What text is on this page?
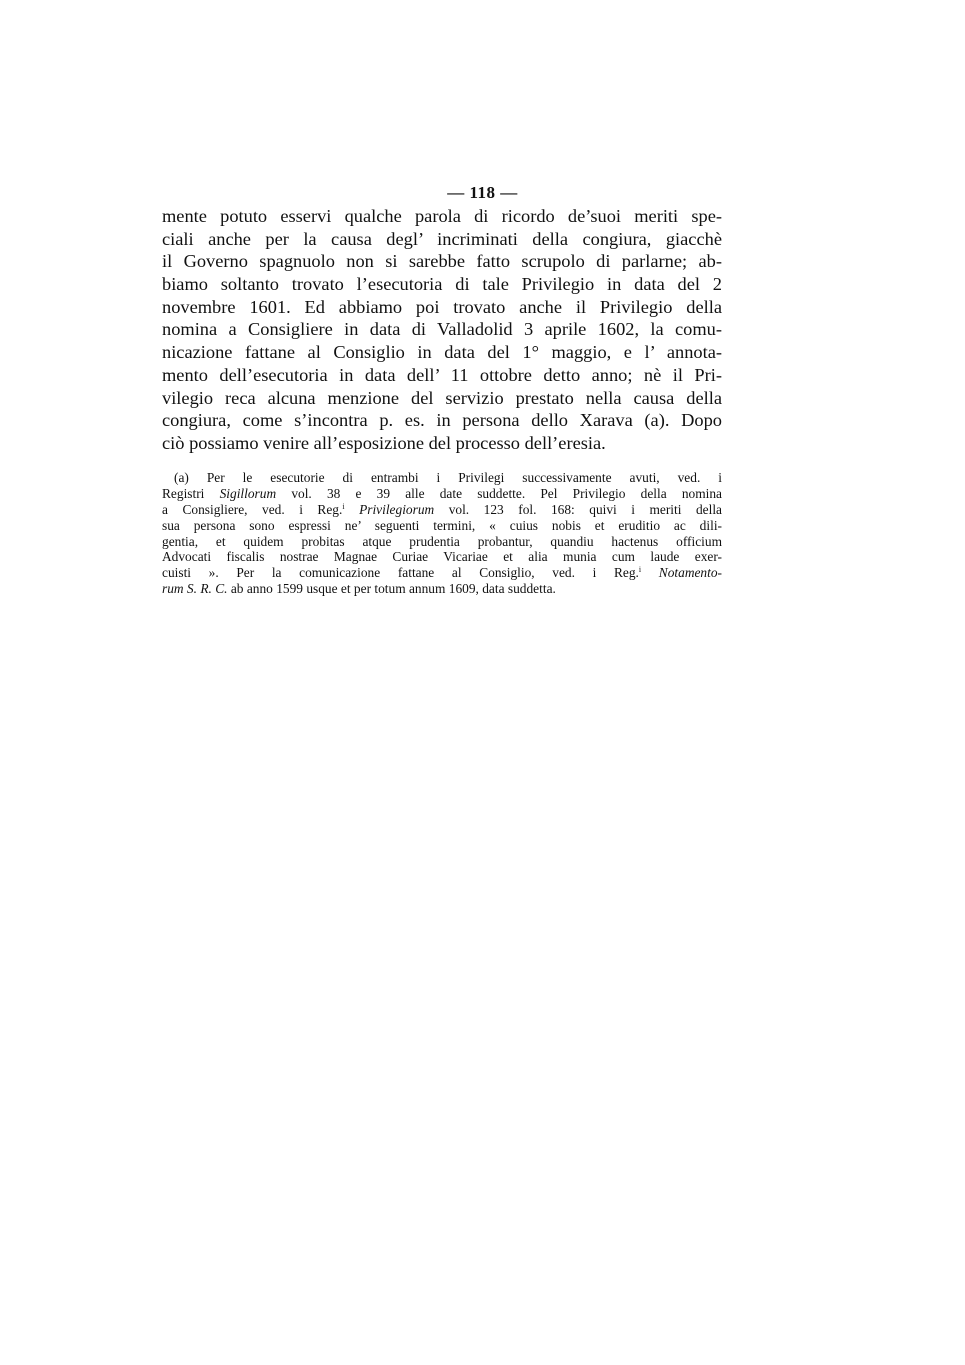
— 118 —
mente potuto esservi qualche parola di ricordo de’suoi meriti spe-
ciali anche per la causa degl’ incriminati della congiura, giacchè
il Governo spagnuolo non si sarebbe fatto scrupolo di parlarne; ab-
biamo soltanto trovato l’esecutoria di tale Privilegio in data del 2
novembre 1601. Ed abbiamo poi trovato anche il Privilegio della
nomina a Consigliere in data di Valladolid 3 aprile 1602, la comu-
nicazione fattane al Consiglio in data del 1° maggio, e l’ annota-
mento dell’esecutoria in data dell’ 11 ottobre detto anno; nè il Pri-
vilegio reca alcuna menzione del servizio prestato nella causa della
congiura, come s’incontra p. es. in persona dello Xarava (a). Dopo
ciò possiamo venire all’esposizione del processo dell’eresia.
(a) Per le esecutorie di entrambi i Privilegi successivamente avuti, ved. i
Registri Sigillorum vol. 38 e 39 alle date suddette. Pel Privilegio della nomina
a Consigliere, ved. i Reg.$^i$ Privilegiorum vol. 123 fol. 168: quivi i meriti della
sua persona sono espressi ne’ seguenti termini, « cuius nobis et eruditio ac dili-
gentia, et quidem probitas atque prudentia probantur, quandiu hactenus officium
Advocati fiscalis nostrae Magnae Curiae Vicariae et alia munia cum laude exer-
cuisti ». Per la comunicazione fattane al Consiglio, ved. i Reg.$^i$ Notamento-
rum S. R. C. ab anno 1599 usque et per totum annum 1609, data suddetta.
